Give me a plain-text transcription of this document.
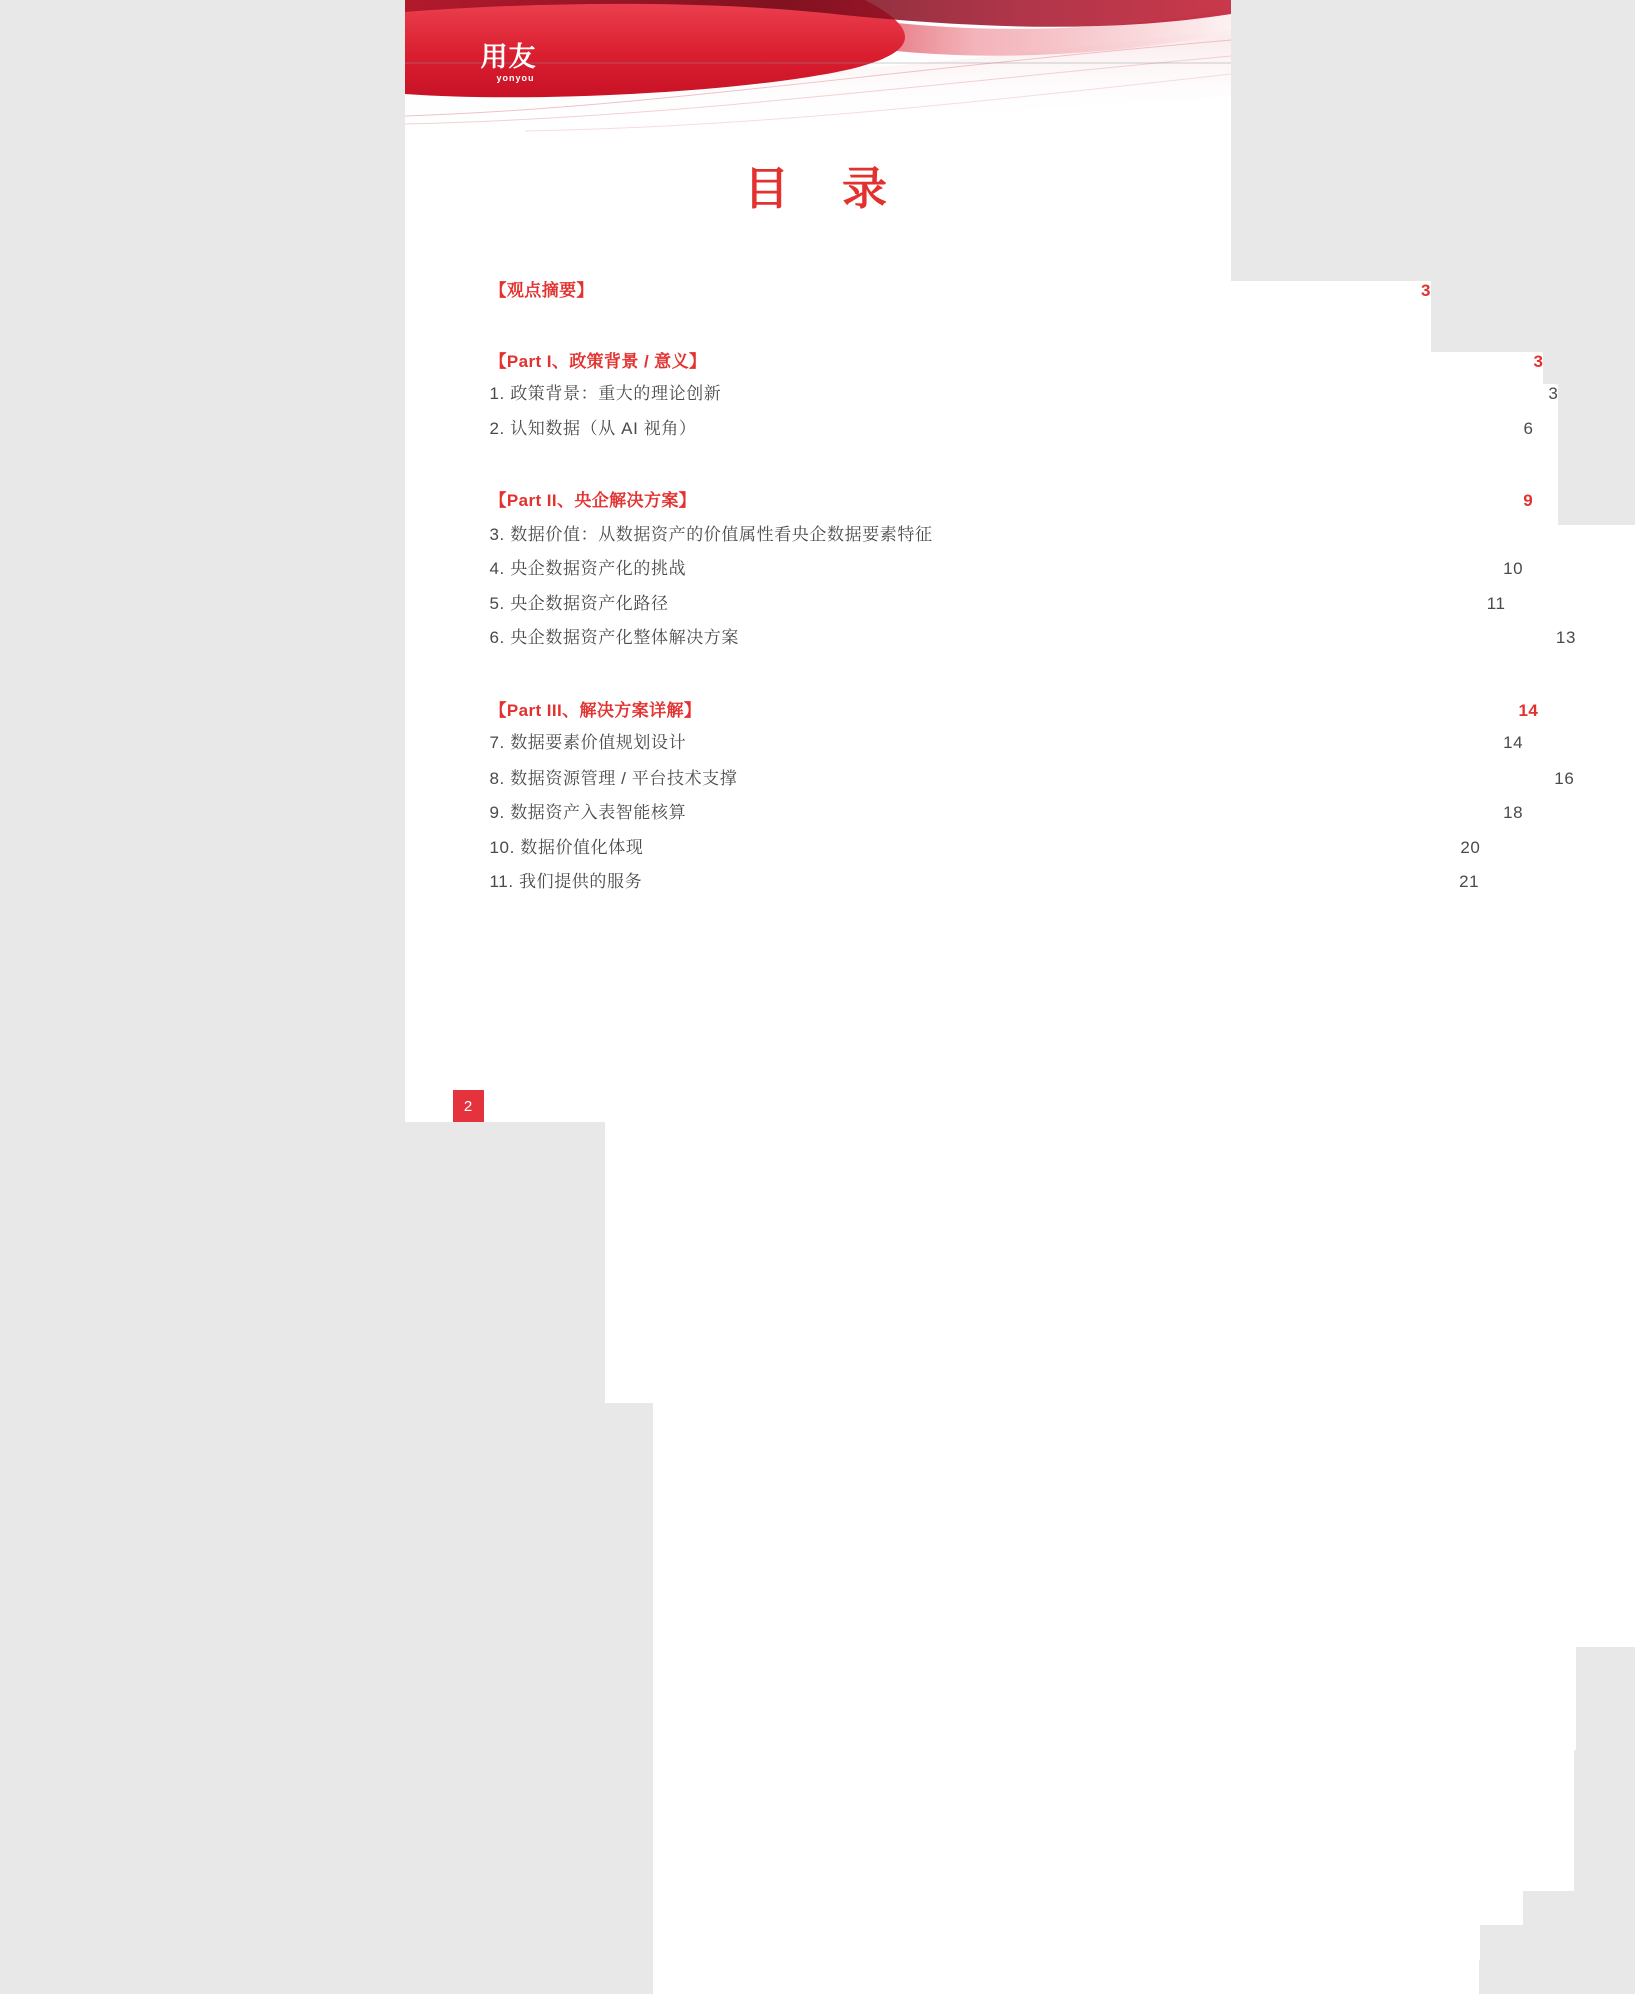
用友
yonyou
目　录
【观点摘要】	3
【Part I、政策背景 / 意义】	3
1. 政策背景：重大的理论创新	3
2. 认知数据（从 AI 视角）	6
【Part II、央企解决方案】	9
3. 数据价值：从数据资产的价值属性看央企数据要素特征
4. 央企数据资产化的挑战	10
5. 央企数据资产化路径	11
6. 央企数据资产化整体解决方案	13
【Part III、解决方案详解】	14
7. 数据要素价值规划设计	14
8. 数据资源管理 / 平台技术支撑	16
9. 数据资产入表智能核算	18
10. 数据价值化体现	20
11. 我们提供的服务	21
2
